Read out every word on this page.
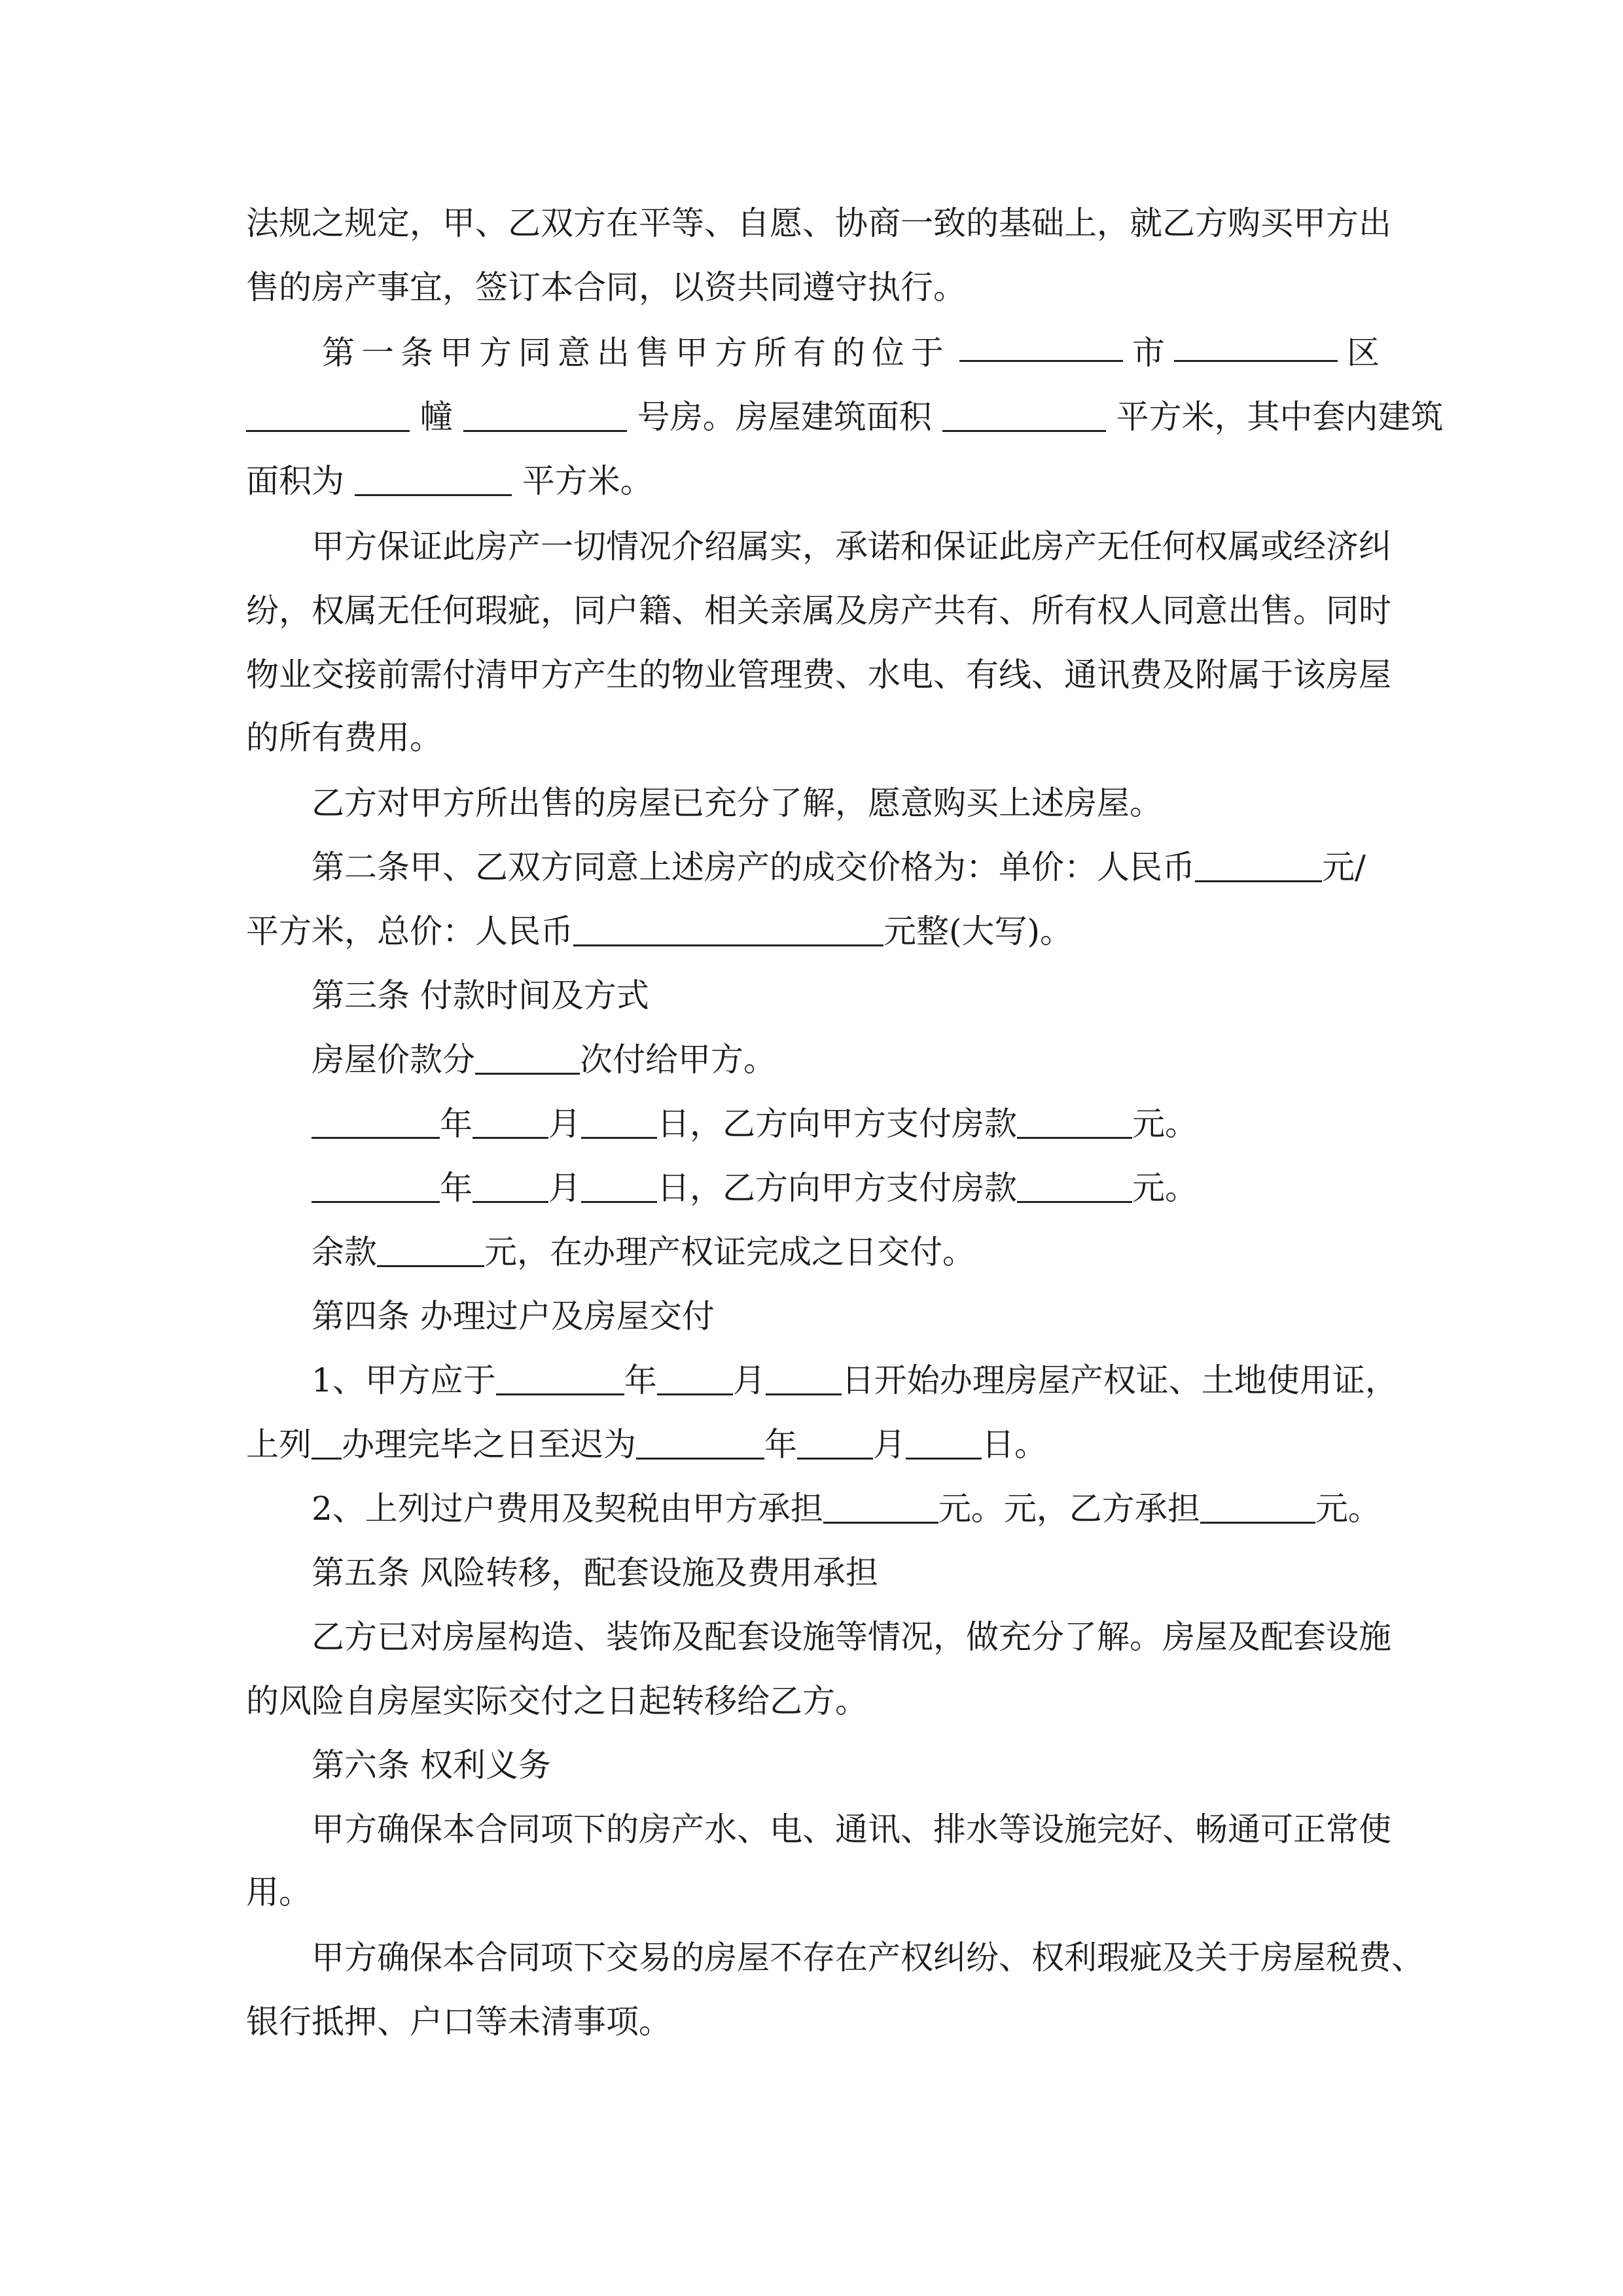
法规之规定，甲、乙双方在平等、自愿、协商一致的基础上，就乙方购买甲方出
售的房产事宜，签订本合同，以资共同遵守执行。
第一条甲方同意出售甲方所有的位于	市	区
幢	号房。房屋建筑面积	平方米，其中套内建筑
面积为	平方米。
甲方保证此房产一切情况介绍属实，承诺和保证此房产无任何权属或经济纠
纷，权属无任何瑕疵，同户籍、相关亲属及房产共有、所有权人同意出售。同时
物业交接前需付清甲方产生的物业管理费、水电、有线、通讯费及附属于该房屋
的所有费用。
乙方对甲方所出售的房屋已充分了解，愿意购买上述房屋。
第二条甲、乙双方同意上述房产的成交价格为：单价：人民币	元/
平方米，总价：人民币	元整(大写)。
第三条 付款时间及方式
房屋价款分	次付给甲方。
年 月 日，乙方向甲方支付房款	元。
年 月 日，乙方向甲方支付房款	元。
余款	元，在办理产权证完成之日交付。
第四条 办理过户及房屋交付
1、甲方应于	年 月 日开始办理房屋产权证、土地使用证，
上列 办理完毕之日至迟为	年 月 日。
2、上列过户费用及契税由甲方承担	元。元，乙方承担	元。
第五条 风险转移，配套设施及费用承担
乙方已对房屋构造、装饰及配套设施等情况，做充分了解。房屋及配套设施
的风险自房屋实际交付之日起转移给乙方。
第六条 权利义务
甲方确保本合同项下的房产水、电、通讯、排水等设施完好、畅通可正常使
用。
甲方确保本合同项下交易的房屋不存在产权纠纷、权利瑕疵及关于房屋税费、
银行抵押、户口等未清事项。
